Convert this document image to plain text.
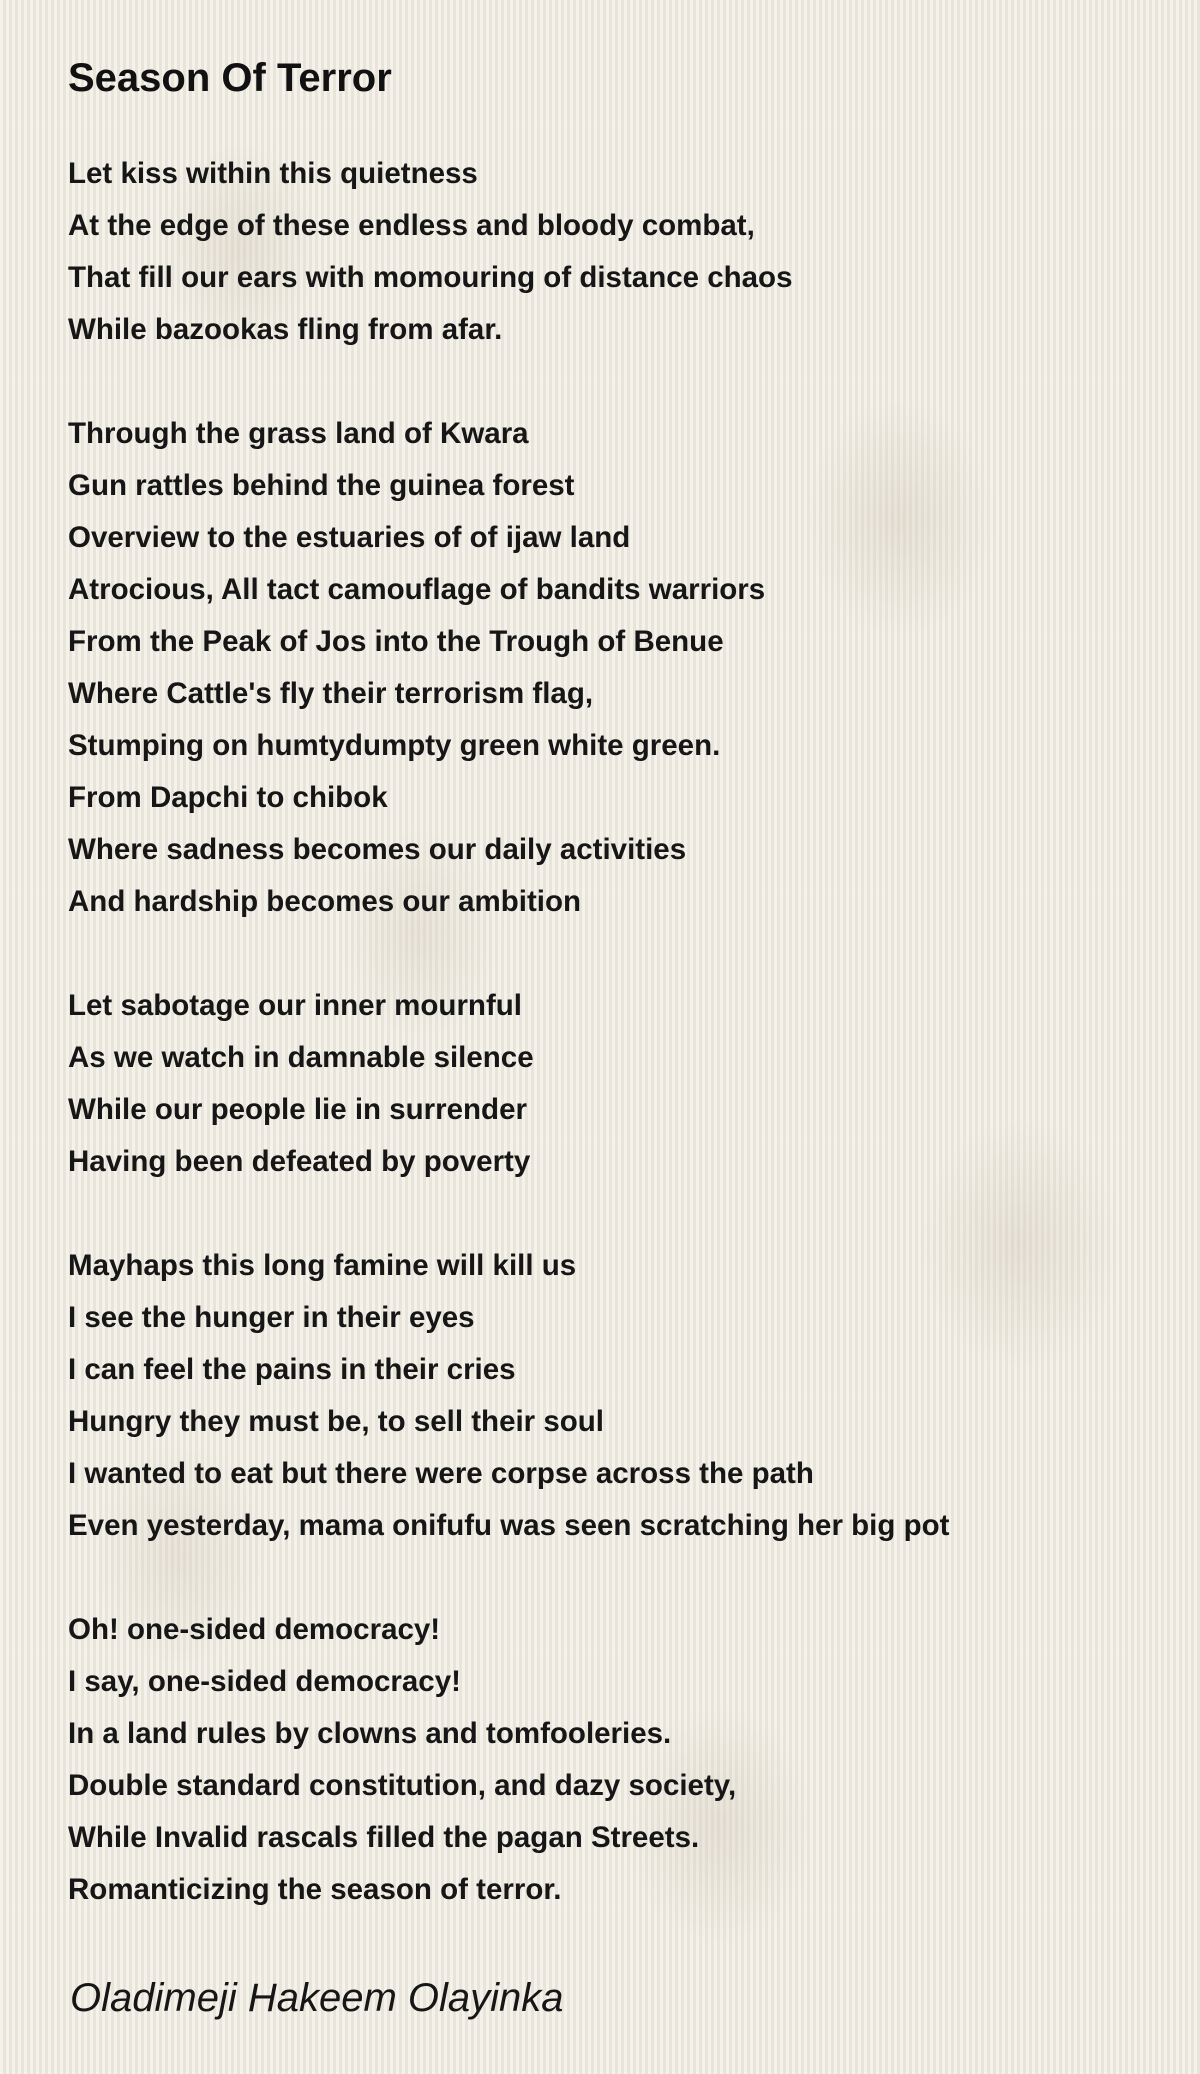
Season Of Terror
Let kiss within this quietness
At the edge of these endless and bloody combat,
That fill our ears with momouring of distance chaos
While bazookas fling from afar.
Through the grass land of Kwara
Gun rattles behind the guinea forest
Overview to the estuaries of of ijaw land
Atrocious, All tact camouflage of bandits warriors
From the Peak of Jos into the Trough of Benue
Where Cattle's fly their terrorism flag,
Stumping on humtydumpty green white green.
From Dapchi to chibok
Where sadness becomes our daily activities
And hardship becomes our ambition
Let sabotage our inner mournful
As we watch in damnable silence
While our people lie in surrender
Having been defeated by poverty
Mayhaps this long famine will kill us
I see the hunger in their eyes
I can feel the pains in their cries
Hungry they must be, to sell their soul
I wanted to eat but there were corpse across the path
Even yesterday, mama onifufu was seen scratching her big pot
Oh! one-sided democracy!
I say, one-sided democracy!
In a land rules by clowns and tomfooleries.
Double standard constitution, and dazy society,
While Invalid rascals filled the pagan Streets.
Romanticizing the season of terror.
Oladimeji Hakeem Olayinka
